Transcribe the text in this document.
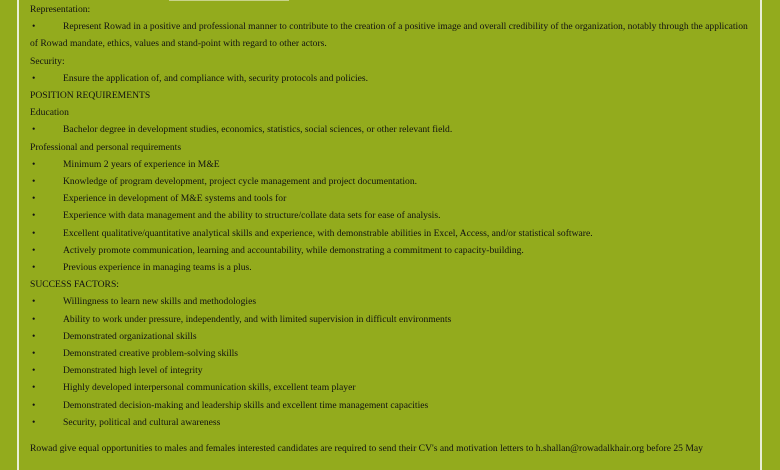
Representation:
•	Represent Rowad in a positive and professional manner to contribute to the creation of a positive image and overall credibility of the organization, notably through the application of Rowad mandate, ethics, values and stand-point with regard to other actors.
Security:
•	Ensure the application of, and compliance with, security protocols and policies.
POSITION REQUIREMENTS
Education
•	Bachelor degree in development studies, economics, statistics, social sciences, or other relevant field.
Professional and personal requirements
•	Minimum 2 years of experience in M&E
•	Knowledge of program development, project cycle management and project documentation.
•	Experience in development of M&E systems and tools for
•	Experience with data management and the ability to structure/collate data sets for ease of analysis.
•	Excellent qualitative/quantitative analytical skills and experience, with demonstrable abilities in Excel, Access, and/or statistical software.
•	Actively promote communication, learning and accountability, while demonstrating a commitment to capacity-building.
•	Previous experience in managing teams is a plus.
SUCCESS FACTORS:
•	Willingness to learn new skills and methodologies
•	Ability to work under pressure, independently, and with limited supervision in difficult environments
•	Demonstrated organizational skills
•	Demonstrated creative problem-solving skills
•	Demonstrated high level of integrity
•	Highly developed interpersonal communication skills, excellent team player
•	Demonstrated decision-making and leadership skills and excellent time management capacities
•	Security, political and cultural awareness
Rowad give equal opportunities to males and females interested candidates are required to send their CV's and motivation letters to h.shallan@rowadalkhair.org before 25 May
